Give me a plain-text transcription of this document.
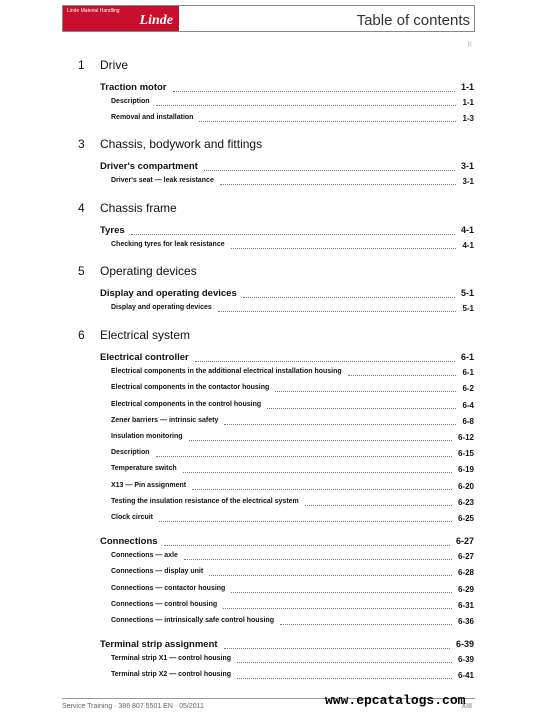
Linde Material Handling
Linde	Table of contents
II
1 Drive
Traction motor	1-1
Description	1-1
Removal and installation	1-3
3 Chassis, bodywork and fittings
Driver's compartment	3-1
Driver's seat — leak resistance	3-1
4 Chassis frame
Tyres	4-1
Checking tyres for leak resistance	4-1
5 Operating devices
Display and operating devices	5-1
Display and operating devices	5-1
6 Electrical system
Electrical controller	6-1
Electrical components in the additional electrical installation housing	6-1
Electrical components in the contactor housing	6-2
Electrical components in the control housing	6-4
Zener barriers — intrinsic safety	6-8
Insulation monitoring	6-12
Description	6-15
Temperature switch	6-19
X13 — Pin assignment	6-20
Testing the insulation resistance of the electrical system	6-23
Clock circuit	6-25
Connections	6-27
Connections — axle	6-27
Connections — display unit	6-28
Connections — contactor housing	6-29
Connections — control housing	6-31
Connections — intrinsically safe control housing	6-36
Terminal strip assignment	6-39
Terminal strip X1 — control housing	6-39
Terminal strip X2 — control housing	6-41
Service Training · 386 807 5501 EN · 05/2011	XIII
www.epcatalogs.com
